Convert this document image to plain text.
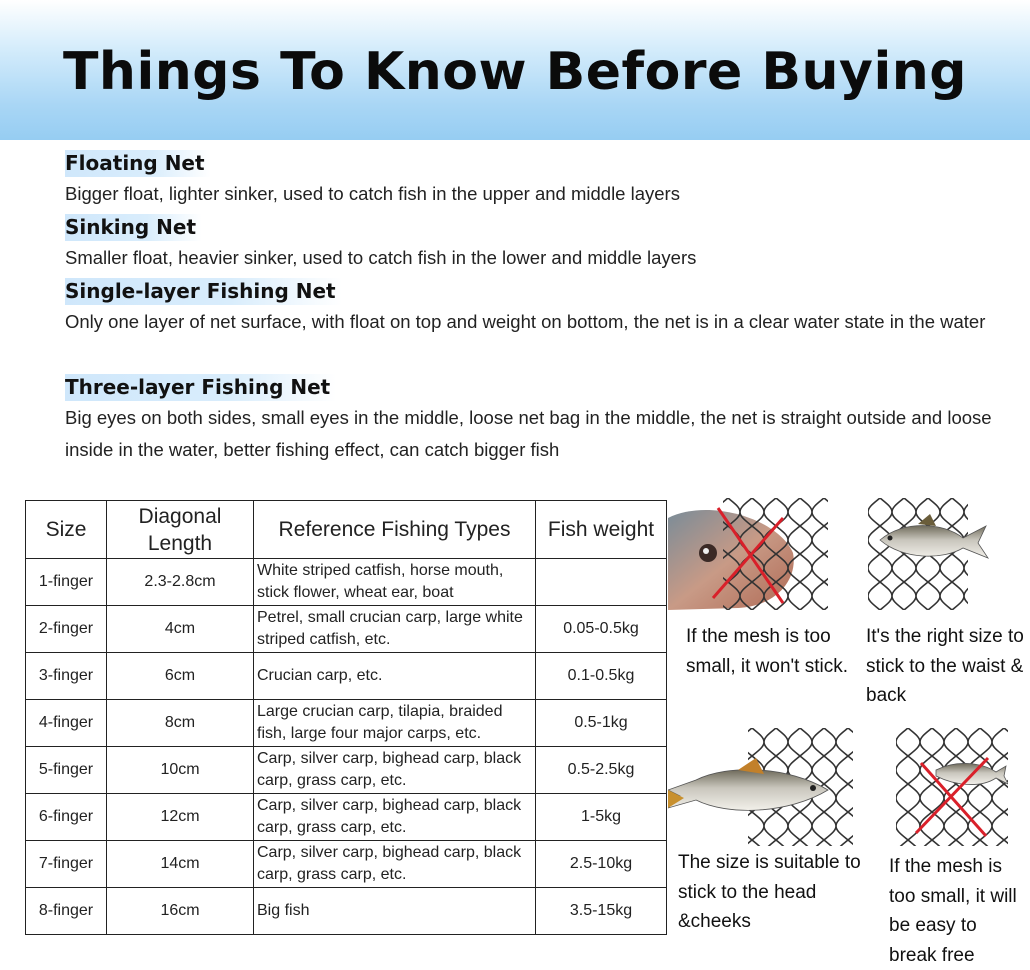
Things To Know Before Buying
Floating Net
Bigger float, lighter sinker, used to catch fish in the upper and middle layers
Sinking Net
Smaller float, heavier sinker, used to catch fish in the lower and middle layers
Single-layer Fishing Net
Only one layer of net surface, with float on top and weight on bottom, the net is in a clear water state in the water
Three-layer Fishing Net
Big eyes on both sides, small eyes in the middle, loose net bag in the middle, the net is straight outside and loose inside in the water, better fishing effect, can catch bigger fish
Size	Diagonal Length	Reference Fishing Types	Fish weight
1-finger	2.3-2.8cm	White striped catfish, horse mouth, stick flower, wheat ear, boat	
2-finger	4cm	Petrel, small crucian carp, large white striped catfish, etc.	0.05-0.5kg
3-finger	6cm	Crucian carp, etc.	0.1-0.5kg
4-finger	8cm	Large crucian carp, tilapia, braided fish, large four major carps, etc.	0.5-1kg
5-finger	10cm	Carp, silver carp, bighead carp, black carp, grass carp, etc.	0.5-2.5kg
6-finger	12cm	Carp, silver carp, bighead carp, black carp, grass carp, etc.	1-5kg
7-finger	14cm	Carp, silver carp, bighead carp, black carp, grass carp, etc.	2.5-10kg
8-finger	16cm	Big fish	3.5-15kg
If the mesh is too small, it won't stick.
It's the right size to stick to the waist & back
The size is suitable to stick to the head &cheeks
If the mesh is too small, it will be easy to break free
